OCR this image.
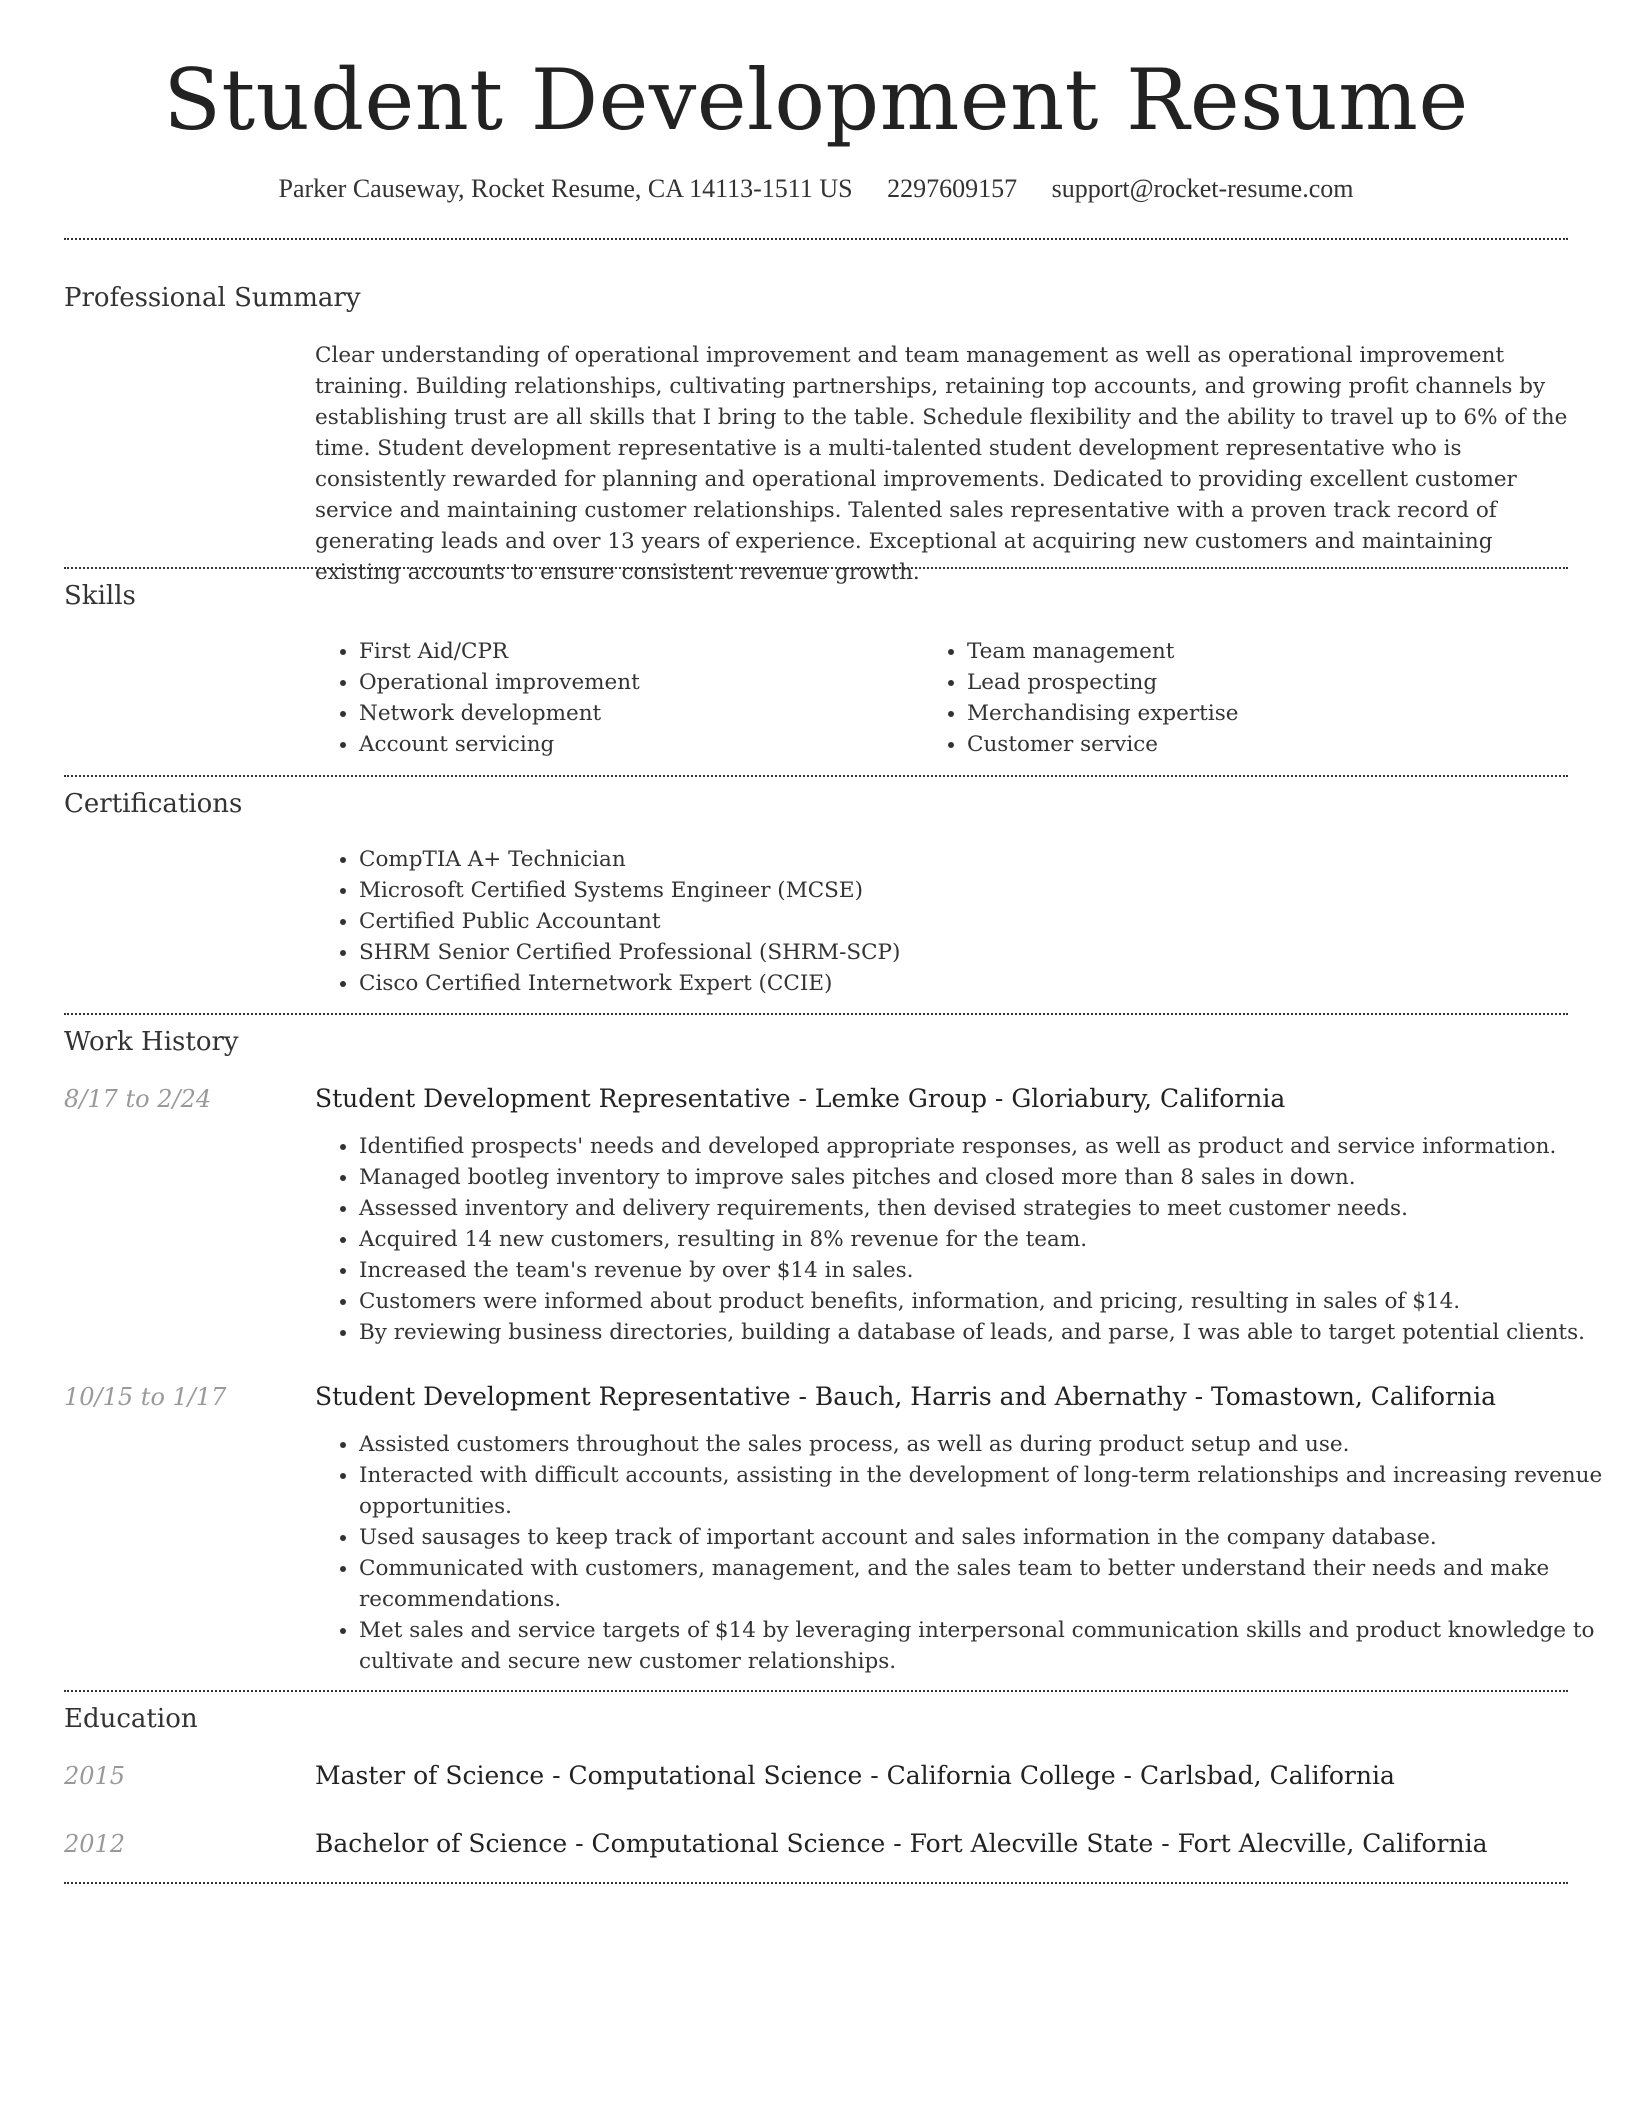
Student Development Resume
Parker Causeway, Rocket Resume, CA 14113-1511 US 2297609157 support@rocket-resume.com
Professional Summary

Clear understanding of operational improvement and team management as well as operational improvement training. Building relationships, cultivating partnerships, retaining top accounts, and growing profit channels by establishing trust are all skills that I bring to the table. Schedule flexibility and the ability to travel up to 6% of the time. Student development representative is a multi-talented student development representative who is consistently rewarded for planning and operational improvements. Dedicated to providing excellent customer service and maintaining customer relationships. Talented sales representative with a proven track record of generating leads and over 13 years of experience. Exceptional at acquiring new customers and maintaining existing accounts to ensure consistent revenue growth.

Skills
• First Aid/CPR
• Operational improvement
• Network development
• Account servicing
• Team management
• Lead prospecting
• Merchandising expertise
• Customer service
Certifications
• CompTIA A+ Technician
• Microsoft Certified Systems Engineer (MCSE)
• Certified Public Accountant
• SHRM Senior Certified Professional (SHRM-SCP)
• Cisco Certified Internetwork Expert (CCIE)
Work History
8/17 to 2/24	Student Development Representative - Lemke Group - Gloriabury, California
• Identified prospects' needs and developed appropriate responses, as well as product and service information.
• Managed bootleg inventory to improve sales pitches and closed more than 8 sales in down.
• Assessed inventory and delivery requirements, then devised strategies to meet customer needs.
• Acquired 14 new customers, resulting in 8% revenue for the team.
• Increased the team's revenue by over $14 in sales.
• Customers were informed about product benefits, information, and pricing, resulting in sales of $14.
• By reviewing business directories, building a database of leads, and parse, I was able to target potential clients.
10/15 to 1/17	Student Development Representative - Bauch, Harris and Abernathy - Tomastown, California
• Assisted customers throughout the sales process, as well as during product setup and use.
• Interacted with difficult accounts, assisting in the development of long-term relationships and increasing revenue opportunities.
• Used sausages to keep track of important account and sales information in the company database.
• Communicated with customers, management, and the sales team to better understand their needs and make recommendations.
• Met sales and service targets of $14 by leveraging interpersonal communication skills and product knowledge to cultivate and secure new customer relationships.
Education
2015	Master of Science - Computational Science - California College - Carlsbad, California
2012	Bachelor of Science - Computational Science - Fort Alecville State - Fort Alecville, California
